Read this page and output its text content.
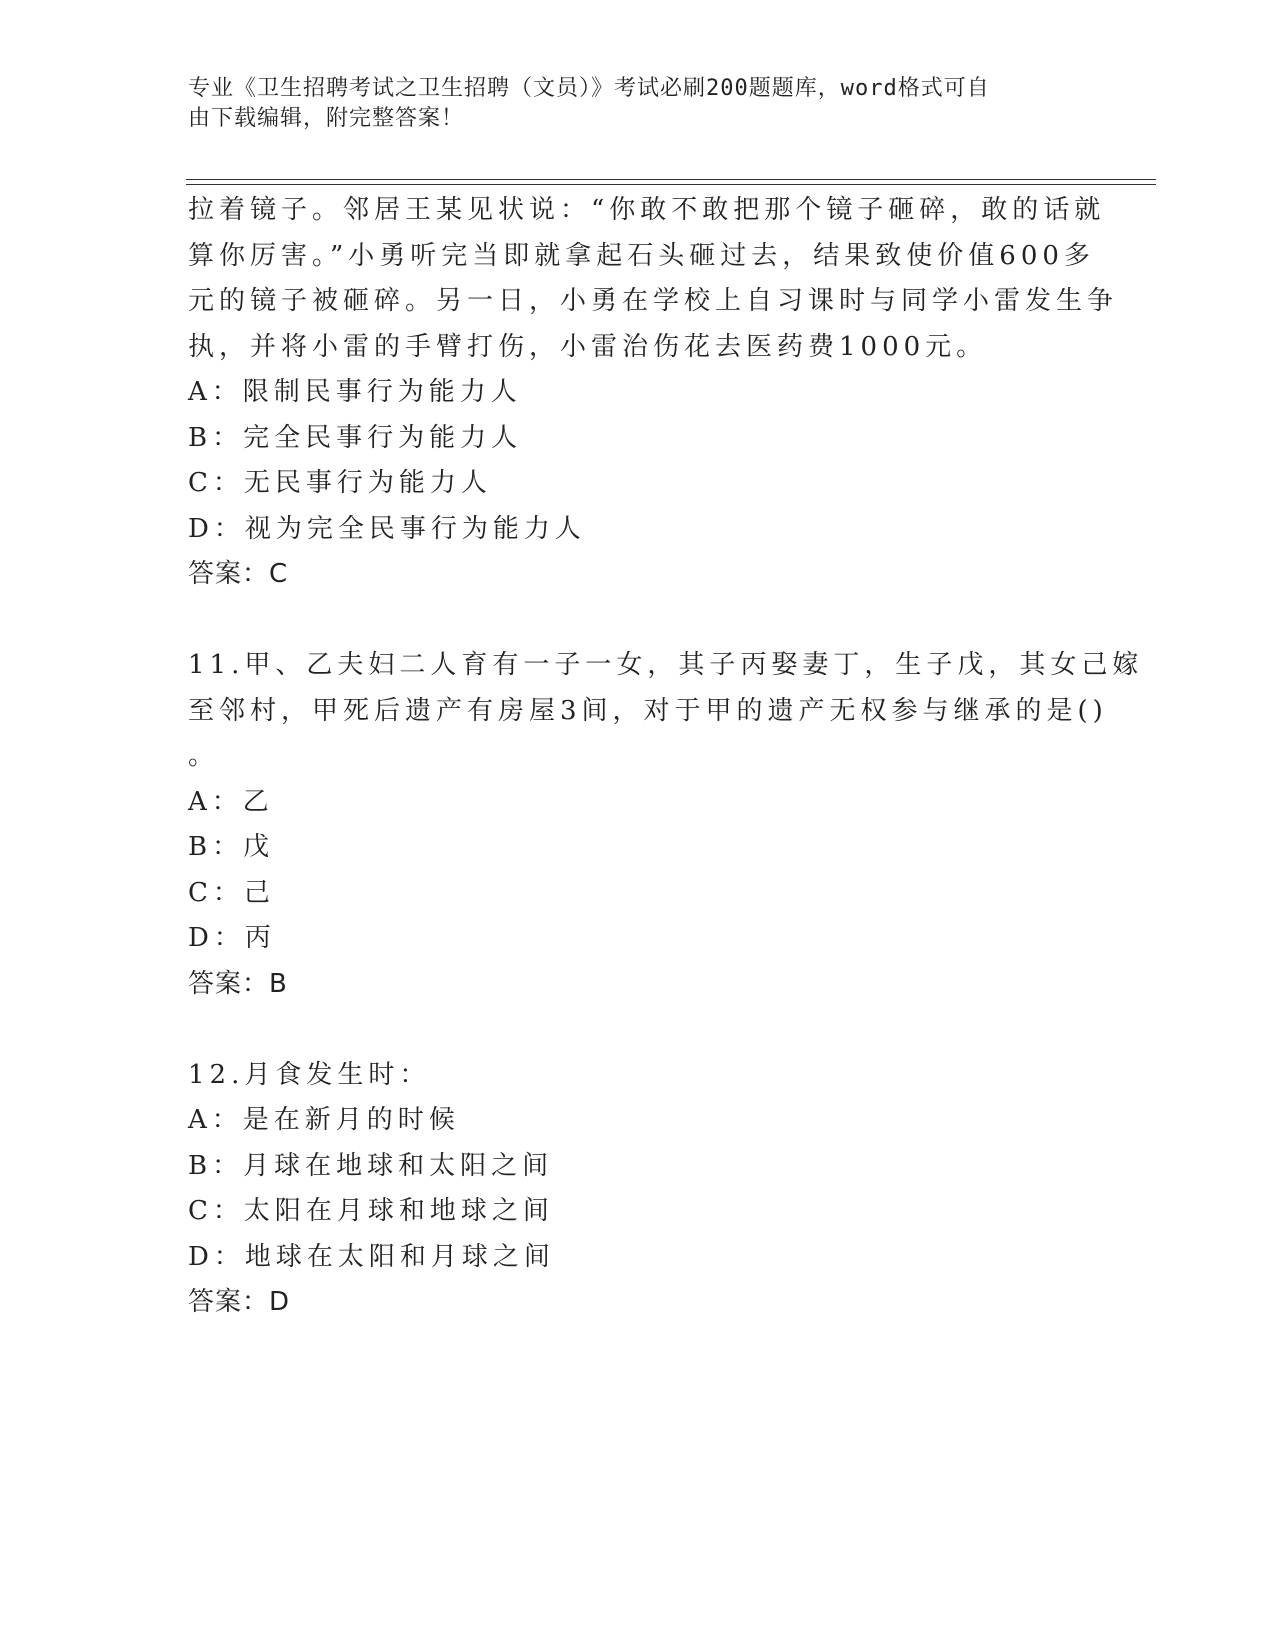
专业《卫生招聘考试之卫生招聘（文员）》考试必刷200题题库，word格式可自
由下载编辑，附完整答案！
拉着镜子。邻居王某见状说：“你敢不敢把那个镜子砸碎，敢的话就
算你厉害。”小勇听完当即就拿起石头砸过去，结果致使价值600多
元的镜子被砸碎。另一日，小勇在学校上自习课时与同学小雷发生争
执，并将小雷的手臂打伤，小雷治伤花去医药费1000元。
A：限制民事行为能力人
B：完全民事行为能力人
C：无民事行为能力人
D：视为完全民事行为能力人
答案：C
11.甲、乙夫妇二人育有一子一女，其子丙娶妻丁，生子戊，其女己嫁
至邻村，甲死后遗产有房屋3间，对于甲的遗产无权参与继承的是()
。
A：乙
B：戊
C：己
D：丙
答案：B
12.月食发生时：
A：是在新月的时候
B：月球在地球和太阳之间
C：太阳在月球和地球之间
D：地球在太阳和月球之间
答案：D
